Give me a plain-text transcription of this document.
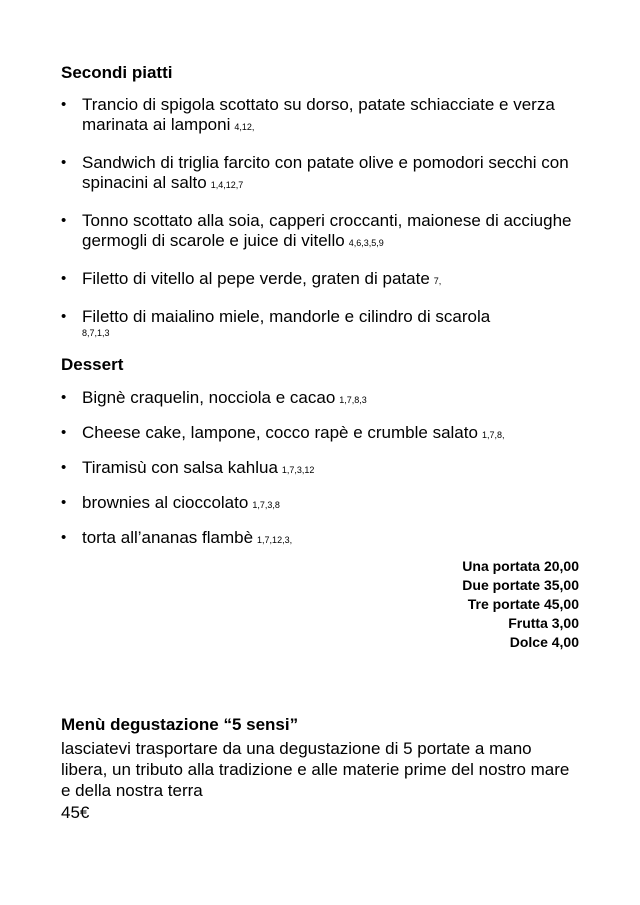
Secondi piatti
• Trancio di spigola scottato su dorso, patate schiacciate e verza marinata ai lamponi 4,12,
• Sandwich di triglia farcito con patate olive e pomodori secchi con spinacini al salto 1,4,12,7
• Tonno scottato alla soia, capperi croccanti, maionese di acciughe germogli di scarole e juice di vitello 4,6,3,5,9
• Filetto di vitello al pepe verde, graten di patate 7,
• Filetto di maialino miele, mandorle e cilindro di scarola
8,7,1,3
Dessert
• Bignè craquelin, nocciola e cacao 1,7,8,3
• Cheese cake, lampone, cocco rapè e crumble salato 1,7,8,
• Tiramisù con salsa kahlua 1,7,3,12
• brownies al cioccolato 1,7,3,8
• torta all’ananas flambè 1,7,12,3,
Una portata 20,00
Due portate 35,00
Tre portate 45,00
Frutta 3,00
Dolce 4,00
Menù degustazione “5 sensi”

lasciatevi trasportare da una degustazione di 5 portate a mano libera, un tributo alla tradizione e alle materie prime del nostro mare e della nostra terra

45€
